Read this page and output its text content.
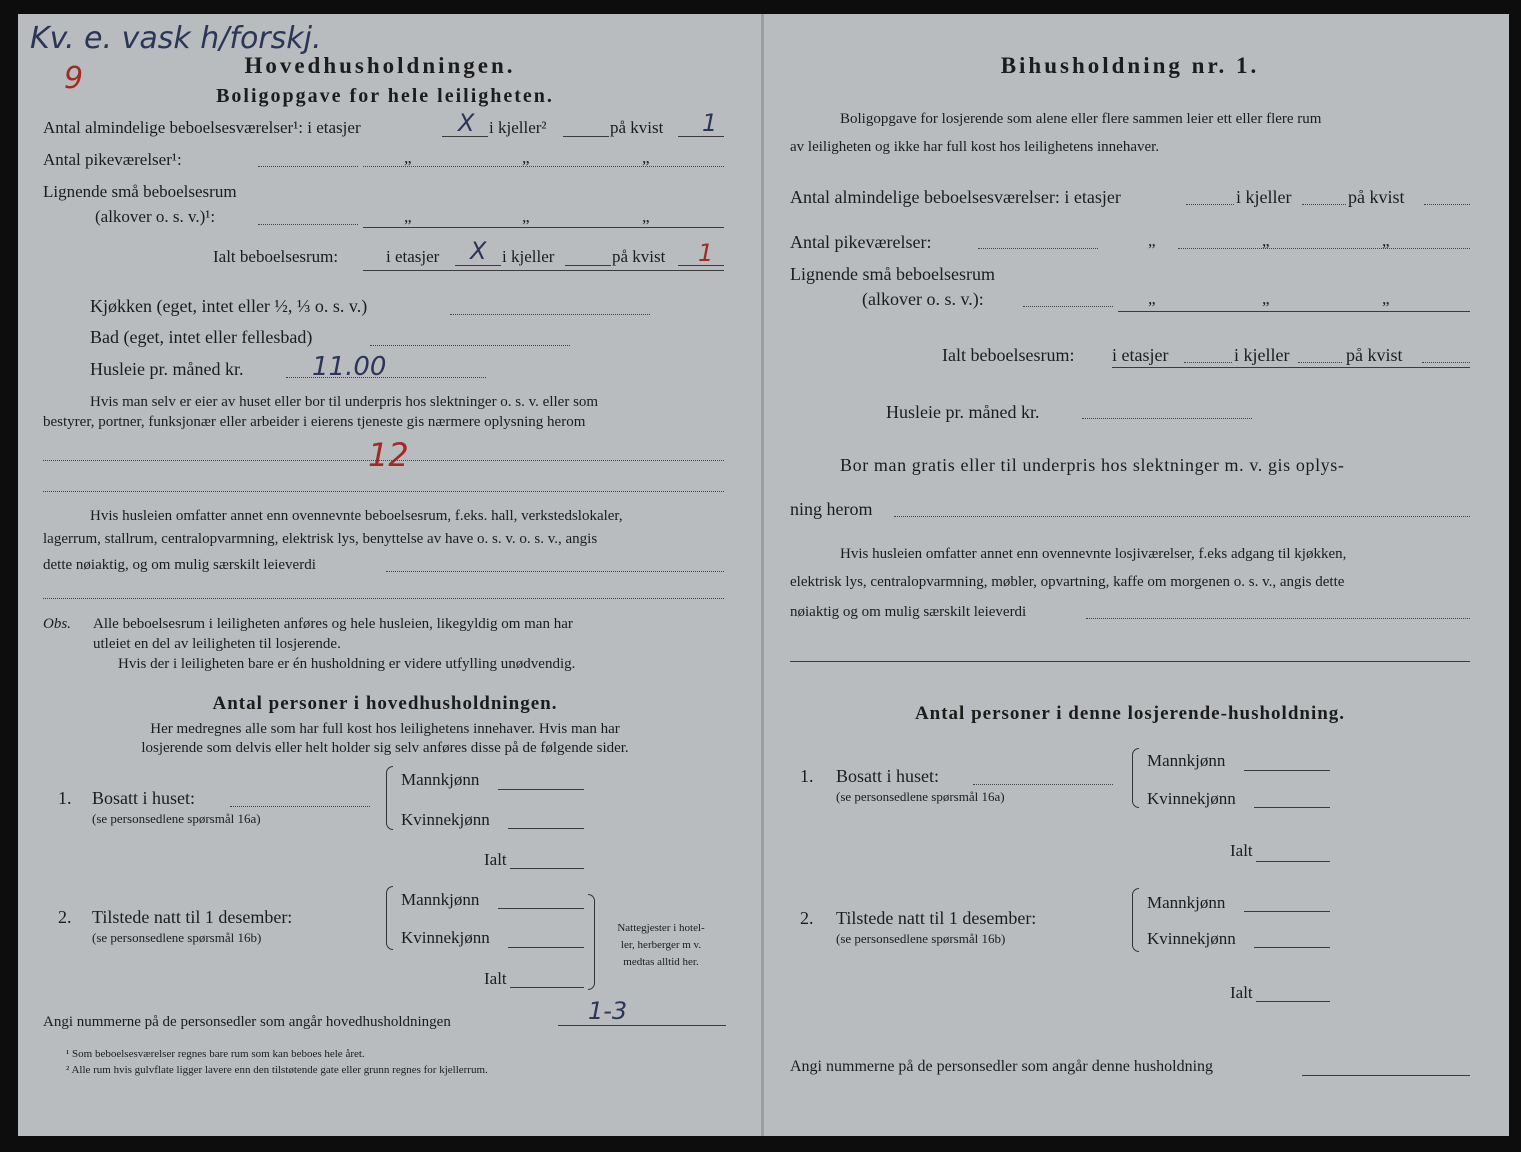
Kv. e. vask h/forskj.
9	Hovedhusholdningen.
Boligopgave for hele leiligheten.
Antal almindelige beboelsesværelser¹: i etasjer	X i kjeller²	på kvist 1
Antal pikeværelser¹:	„	„	„
Lignende små beboelsesrum
(alkover o. s. v.)¹:	„	„	„
Ialt beboelsesrum:	i etasjer X i kjeller	på kvist 1
Kjøkken (eget, intet eller ½, ⅓ o. s. v.)
Bad (eget, intet eller fellesbad)
Husleie pr. måned kr.	11.00
Hvis man selv er eier av huset eller bor til underpris hos slektninger o. s. v. eller som
bestyrer, portner, funksjonær eller arbeider i eierens tjeneste gis nærmere oplysning herom
12
Hvis husleien omfatter annet enn ovennevnte beboelsesrum, f.eks. hall, verkstedslokaler,
lagerrum, stallrum, centralopvarmning, elektrisk lys, benyttelse av have o. s. v. o. s. v., angis
dette nøiaktig, og om mulig særskilt leieverdi
Obs. Alle beboelsesrum i leiligheten anføres og hele husleien, likegyldig om man har
utleiet en del av leiligheten til losjerende.
Hvis der i leiligheten bare er én husholdning er videre utfylling unødvendig.
Antal personer i hovedhusholdningen.
Her medregnes alle som har full kost hos leilighetens innehaver. Hvis man har
losjerende som delvis eller helt holder sig selv anføres disse på de følgende sider.
1. Bosatt i huset:
(se personsedlene spørsmål 16a)
Mannkjønn
Kvinnekjønn
Ialt
2. Tilstede natt til 1 desember:
(se personsedlene spørsmål 16b)
Mannkjønn
Kvinnekjønn
Ialt
Nattegjester i hotel-
ler, herberger m v.
medtas alltid her.
Angi nummerne på de personsedler som angår hovedhusholdningen	1-3
¹ Som beboelsesværelser regnes bare rum som kan beboes hele året.
² Alle rum hvis gulvflate ligger lavere enn den tilstøtende gate eller grunn regnes for kjellerrum.
Bihusholdning nr. 1.
Boligopgave for losjerende som alene eller flere sammen leier ett eller flere rum
av leiligheten og ikke har full kost hos leilighetens innehaver.
Antal almindelige beboelsesværelser: i etasjer	i kjeller	på kvist
Antal pikeværelser:	„	„	„
Lignende små beboelsesrum
(alkover o. s. v.):	„	„	„
Ialt beboelsesrum: i etasjer	i kjeller	på kvist
Husleie pr. måned kr.
Bor man gratis eller til underpris hos slektninger m. v. gis oplys-
ning herom
Hvis husleien omfatter annet enn ovennevnte losjiværelser, f.eks adgang til kjøkken,
elektrisk lys, centralopvarmning, møbler, opvartning, kaffe om morgenen o. s. v., angis dette
nøiaktig og om mulig særskilt leieverdi
Antal personer i denne losjerende-husholdning.
1. Bosatt i huset:
(se personsedlene spørsmål 16a)
Mannkjønn
Kvinnekjønn
Ialt
2. Tilstede natt til 1 desember:
(se personsedlene spørsmål 16b)
Mannkjønn
Kvinnekjønn
Ialt
Angi nummerne på de personsedler som angår denne husholdning
